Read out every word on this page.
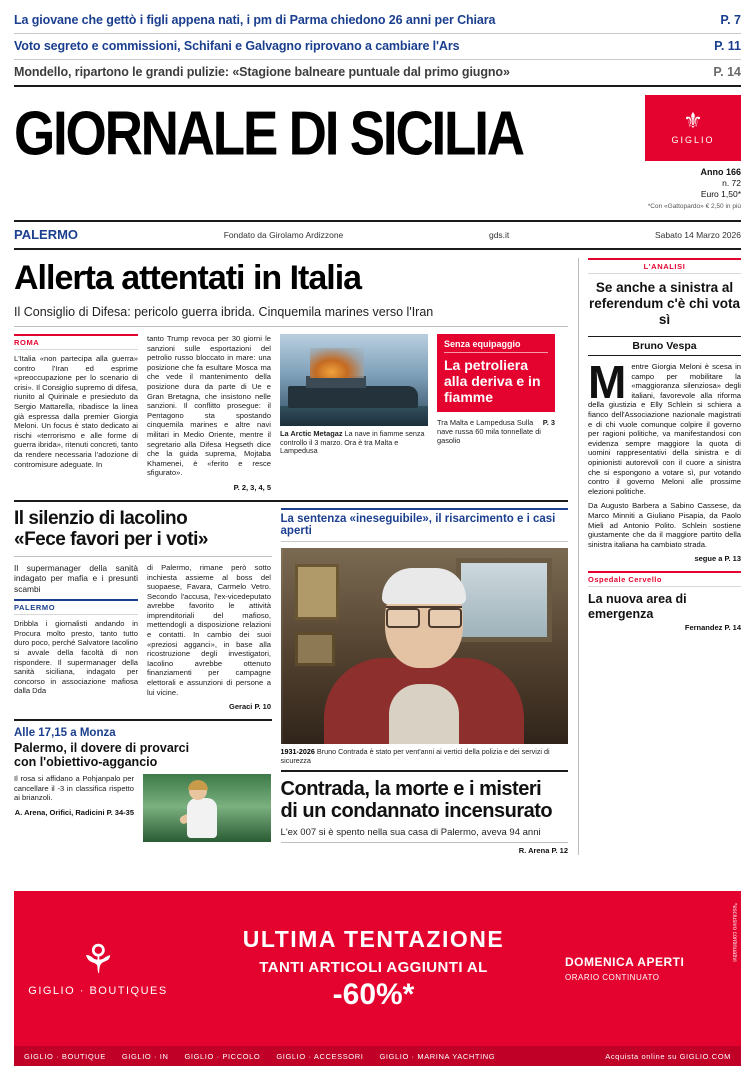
La giovane che gettò i figli appena nati, i pm di Parma chiedono 26 anni per Chiara	P. 7
Voto segreto e commissioni, Schifani e Galvagno riprovano a cambiare l'Ars	P. 11
Mondello, ripartono le grandi pulizie: «Stagione balneare puntuale dal primo giugno»	P. 14
GIORNALE DI SICILIA	⚜
GIGLIO
Anno 166
n. 72
Euro 1,50*
*Con «Gattopardo» € 2,50 in più
PALERMO	Fondato da Girolamo Ardizzone	gds.it	Sabato 14 Marzo 2026
Allerta attentati in Italia
Il Consiglio di Difesa: pericolo guerra ibrida. Cinquemila marines verso l'Iran
ROMA

L'Italia «non partecipa alla guerra» contro l'Iran ed esprime «preoccupazione per lo scenario di crisi». Il Consiglio supremo di difesa, riunito al Quirinale e presieduto da Sergio Mattarella, ribadisce la linea già espressa dalla premier Giorgia Meloni. Un focus è stato dedicato ai rischi «terrorismo e alle forme di guerra ibrida», ritenuti concreti, tanto da rendere necessaria l'adozione di contromisure adeguate. In

tanto Trump revoca per 30 giorni le sanzioni sulle esportazioni del petrolio russo bloccato in mare: una posizione che fa esultare Mosca ma che vede il mantenimento della posizione dura da parte di Ue e Gran Bretagna, che insistono nelle sanzioni. Il conflitto prosegue: il Pentagono sta spostando cinquemila marines e altre navi militari in Medio Oriente, mentre il segretario alla Difesa Hegseth dice che la guida suprema, Mojtaba Khamenei, è «ferito e resce sfigurato».

P. 2, 3, 4, 5
La Arctic Metagaz La nave in fiamme senza controllo il 3 marzo. Ora è tra Malta e Lampedusa
Senza equipaggio
La petroliera alla deriva e in fiamme
P. 3
Tra Malta e Lampedusa Sulla nave russa 60 mila tonnellate di gasolio
Il silenzio di Iacolino
«Fece favori per i voti»

Il supermanager della sanità indagato per mafia e i presunti scambi

PALERMO

Dribbla i giornalisti andando in Procura molto presto, tanto tutto duro poco, perché Salvatore Iacolino si avvale della facoltà di non rispondere. Il supermanager della sanità siciliana, indagato per concorso in associazione mafiosa dalla Dda

di Palermo, rimane però sotto inchiesta assieme al boss del suopaese, Favara, Carmelo Vetro. Secondo l'accusa, l'ex-vicedeputato avrebbe favorito le attività imprenditoriali del mafioso, mettendogli a disposizione relazioni e contatti. In cambio dei suoi «preziosi agganci», in base alla ricostruzione degli investigatori, Iacolino avrebbe ottenuto finanziamenti per campagne elettorali e assunzioni di persone a lui vicine.

Geraci P. 10
Alle 17,15 a Monza
Palermo, il dovere di provarci
con l'obiettivo-aggancio

Il rosa si affidano a Pohjanpalo per cancellare il -3 in classifica rispetto ai brianzoli.

A. Arena, Orifici, Radicini P. 34-35
La sentenza «ineseguibile», il risarcimento e i casi aperti
1931-2026 Bruno Contrada è stato per vent'anni ai vertici della polizia e dei servizi di sicurezza
Contrada, la morte e i misteri
di un condannato incensurato
L'ex 007 si è spento nella sua casa di Palermo, aveva 94 anni
R. Arena P. 12
L'ANALISI
Se anche a sinistra al referendum c'è chi vota sì
Bruno Vespa
M entre Giorgia Meloni è scesa in campo per mobilitare la «maggioranza silenziosa» degli italiani, favorevole alla riforma della giustizia e Elly Schlein si schiera a fianco dell'Associazione nazionale magistrati e di chi vuole comunque colpire il governo per ragioni politiche, va manifestandosi con evidenza sempre maggiore la quota di uomini rappresentativi della sinistra e di opinionisti autorevoli con il cuore a sinistra che si espongono a votare sì, pur votando contro il governo Meloni alle prossime elezioni politiche.

Da Augusto Barbera a Sabino Cassese, da Marco Minniti a Giuliano Pisapia, da Paolo Mieli ad Antonio Polito. Schlein sostiene giustamente che da il maggiore partito della sinistra italiana ha cambiato strada.

segue a P. 13
Ospedale Cervello
La nuova area di emergenza
Fernandez P. 14
⚘
GIGLIO · BOUTIQUES
ULTIMA TENTAZIONE
TANTI ARTICOLI AGGIUNTI AL
-60%*
DOMENICA APERTI
ORARIO CONTINUATO
*esclusivo continuativi
GIGLIO · BOUTIQUE GIGLIO · IN GIGLIO · PICCOLO GIGLIO · ACCESSORI GIGLIO · MARINA YACHTING	Acquista online su GIGLIO.COM
